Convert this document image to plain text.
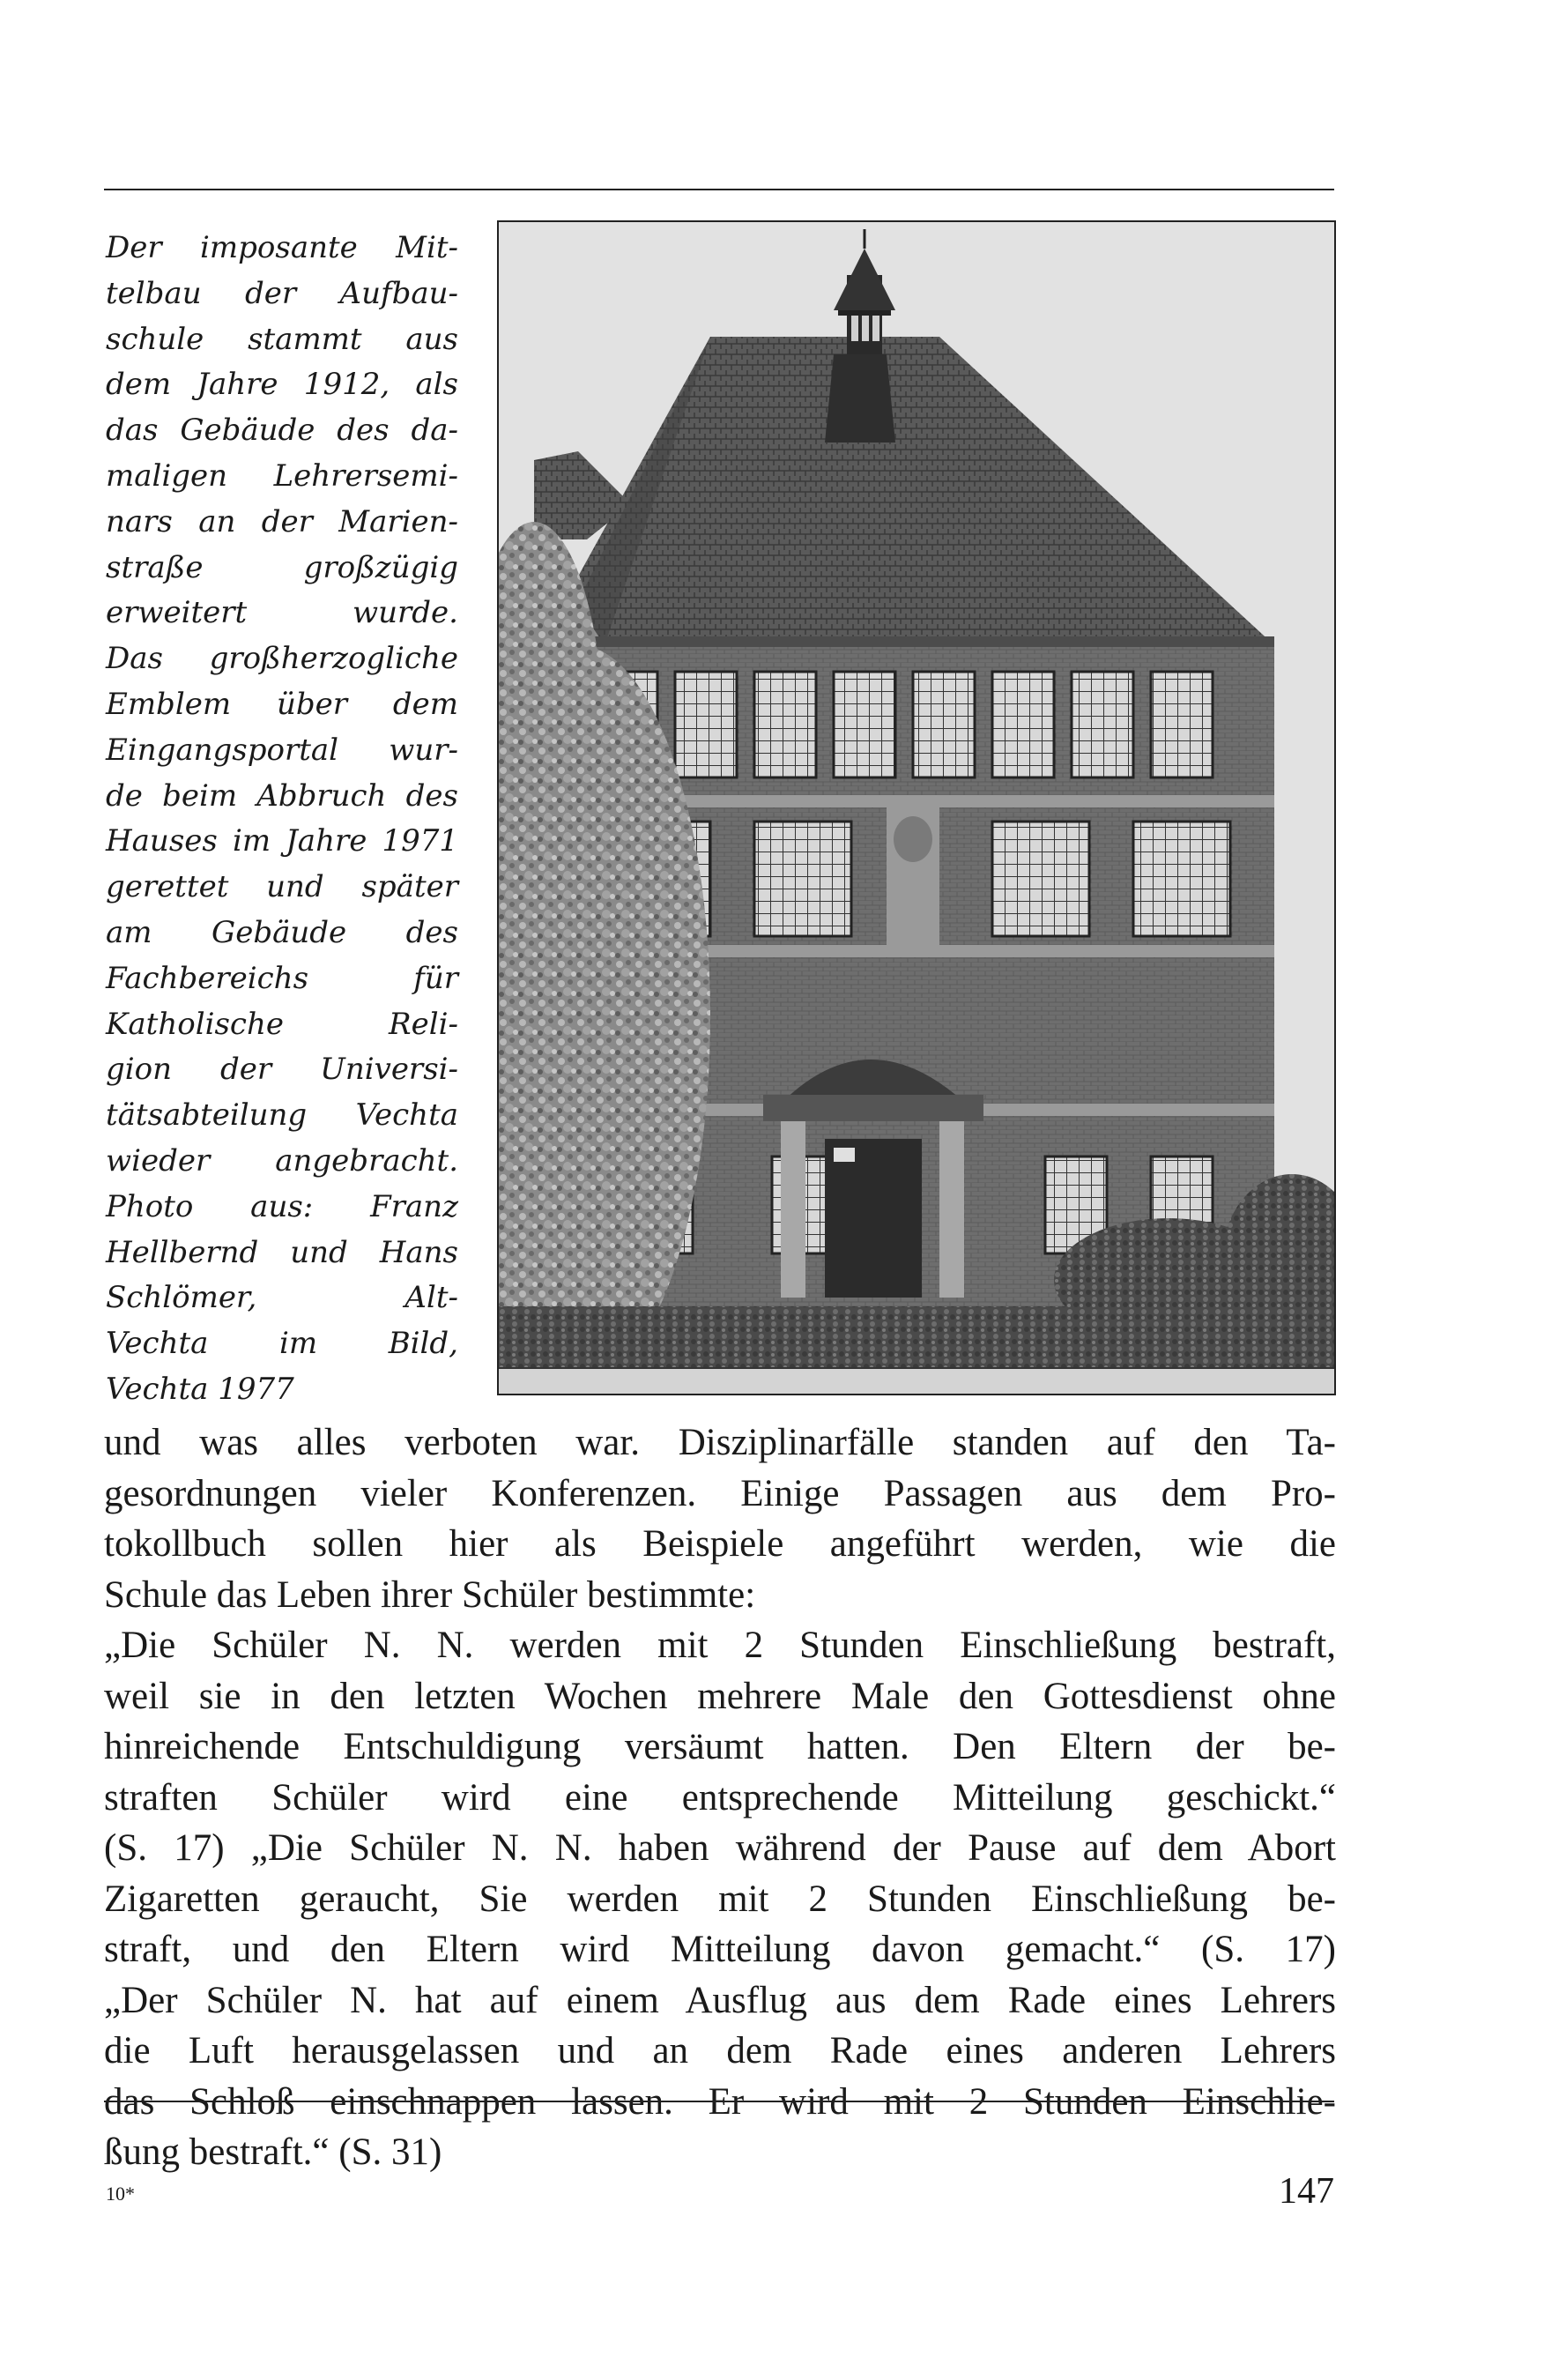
Der imposante Mit-
telbau der Aufbau-
schule stammt aus
dem Jahre 1912, als
das Gebäude des da-
maligen Lehrersemi-
nars an der Marien-
straße großzügig
erweitert wurde.
Das großherzogliche
Emblem über dem
Eingangsportal wur-
de beim Abbruch des
Hauses im Jahre 1971
gerettet und später
am Gebäude des
Fachbereichs für
Katholische Reli-
gion der Universi-
tätsabteilung Vechta
wieder angebracht.
Photo aus: Franz
Hellbernd und Hans
Schlömer, Alt-
Vechta im Bild,
Vechta 1977
und was alles verboten war. Disziplinarfälle standen auf den Ta-
gesordnungen vieler Konferenzen. Einige Passagen aus dem Pro-
tokollbuch sollen hier als Beispiele angeführt werden, wie die
Schule das Leben ihrer Schüler bestimmte:
„Die Schüler N. N. werden mit 2 Stunden Einschließung bestraft,
weil sie in den letzten Wochen mehrere Male den Gottesdienst ohne
hinreichende Entschuldigung versäumt hatten. Den Eltern der be-
straften Schüler wird eine entsprechende Mitteilung geschickt.“
(S. 17) „Die Schüler N. N. haben während der Pause auf dem Abort
Zigaretten geraucht, Sie werden mit 2 Stunden Einschließung be-
straft, und den Eltern wird Mitteilung davon gemacht.“ (S. 17)
„Der Schüler N. hat auf einem Ausflug aus dem Rade eines Lehrers
die Luft herausgelassen und an dem Rade eines anderen Lehrers
das Schloß einschnappen lassen. Er wird mit 2 Stunden Einschlie-
ßung bestraft.“ (S. 31)
10*	147
